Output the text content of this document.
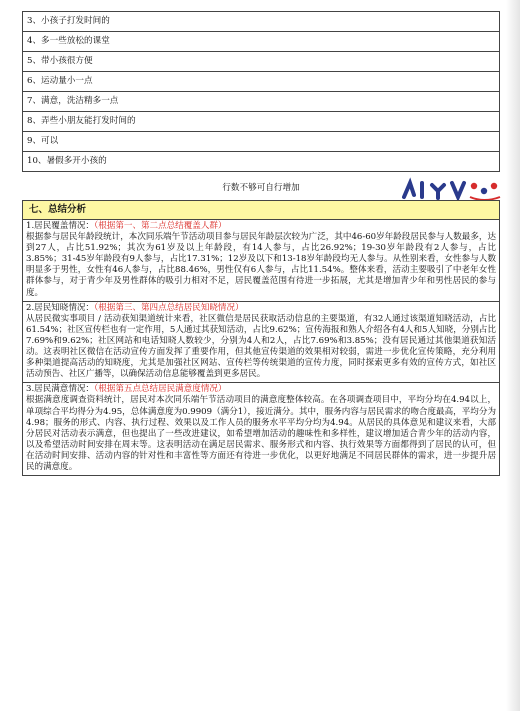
3、小孩子打发时间的
4、多一些放松的课堂
5、带小孩很方便
6、运动量小一点
7、满意，洗洁精多一点
8、弄些小朋友能打发时间的
9、可以
10、暑假多开小孩的
行数不够可自行增加
七、总结分析
1.居民覆盖情况：（根据第一、第二点总结覆盖人群）
根据参与居民年龄段统计，本次同乐端午节活动项目参与居民年龄层次较为广泛，其中46-60岁年龄段居民参与人数最多，达到27人，占比51.92%；其次为61岁及以上年龄段，有14人参与，占比26.92%；19-30岁年龄段有2人参与，占比3.85%；31-45岁年龄段有9人参与，占比17.31%；12岁及以下和13-18岁年龄段均无人参与。从性别来看，女性参与人数明显多于男性，女性有46人参与，占比88.46%，男性仅有6人参与，占比11.54%。整体来看，活动主要吸引了中老年女性群体参与，对于青少年及男性群体的吸引力相对不足，居民覆盖范围有待进一步拓展，尤其是增加青少年和男性居民的参与度。
2.居民知晓情况：（根据第三、第四点总结居民知晓情况）
从居民微实事项目 / 活动获知渠道统计来看，社区微信是居民获取活动信息的主要渠道，有32人通过该渠道知晓活动，占比61.54%；社区宣传栏也有一定作用，5人通过其获知活动，占比9.62%；宣传海报和熟人介绍各有4人和5人知晓，分别占比7.69%和9.62%；社区网站和电话知晓人数较少，分别为4人和2人，占比7.69%和3.85%；没有居民通过其他渠道获知活动。这表明社区微信在活动宣传方面发挥了重要作用，但其他宣传渠道的效果相对较弱，需进一步优化宣传策略，充分利用多种渠道提高活动的知晓度，尤其是加强社区网站、宣传栏等传统渠道的宣传力度，同时探索更多有效的宣传方式，如社区活动预告、社区广播等，以确保活动信息能够覆盖到更多居民。
3.居民满意情况：（根据第五点总结居民满意度情况）
根据满意度调查资料统计，居民对本次同乐端午节活动项目的满意度整体较高。在各项调查项目中，平均分均在4.94以上，单项综合平均得分为4.95，总体满意度为0.9909（满分1），接近满分。其中，服务内容与居民需求的吻合度最高，平均分为4.98；服务的形式、内容、执行过程、效果以及工作人员的服务水平平均分均为4.94。从居民的具体意见和建议来看，大部分居民对活动表示满意，但也提出了一些改进建议，如希望增加活动的趣味性和多样性，建议增加适合青少年的活动内容，以及希望活动时间安排在周末等。这表明活动在满足居民需求、服务形式和内容、执行效果等方面都得到了居民的认可，但在活动时间安排、活动内容的针对性和丰富性等方面还有待进一步优化，以更好地满足不同居民群体的需求，进一步提升居民的满意度。
